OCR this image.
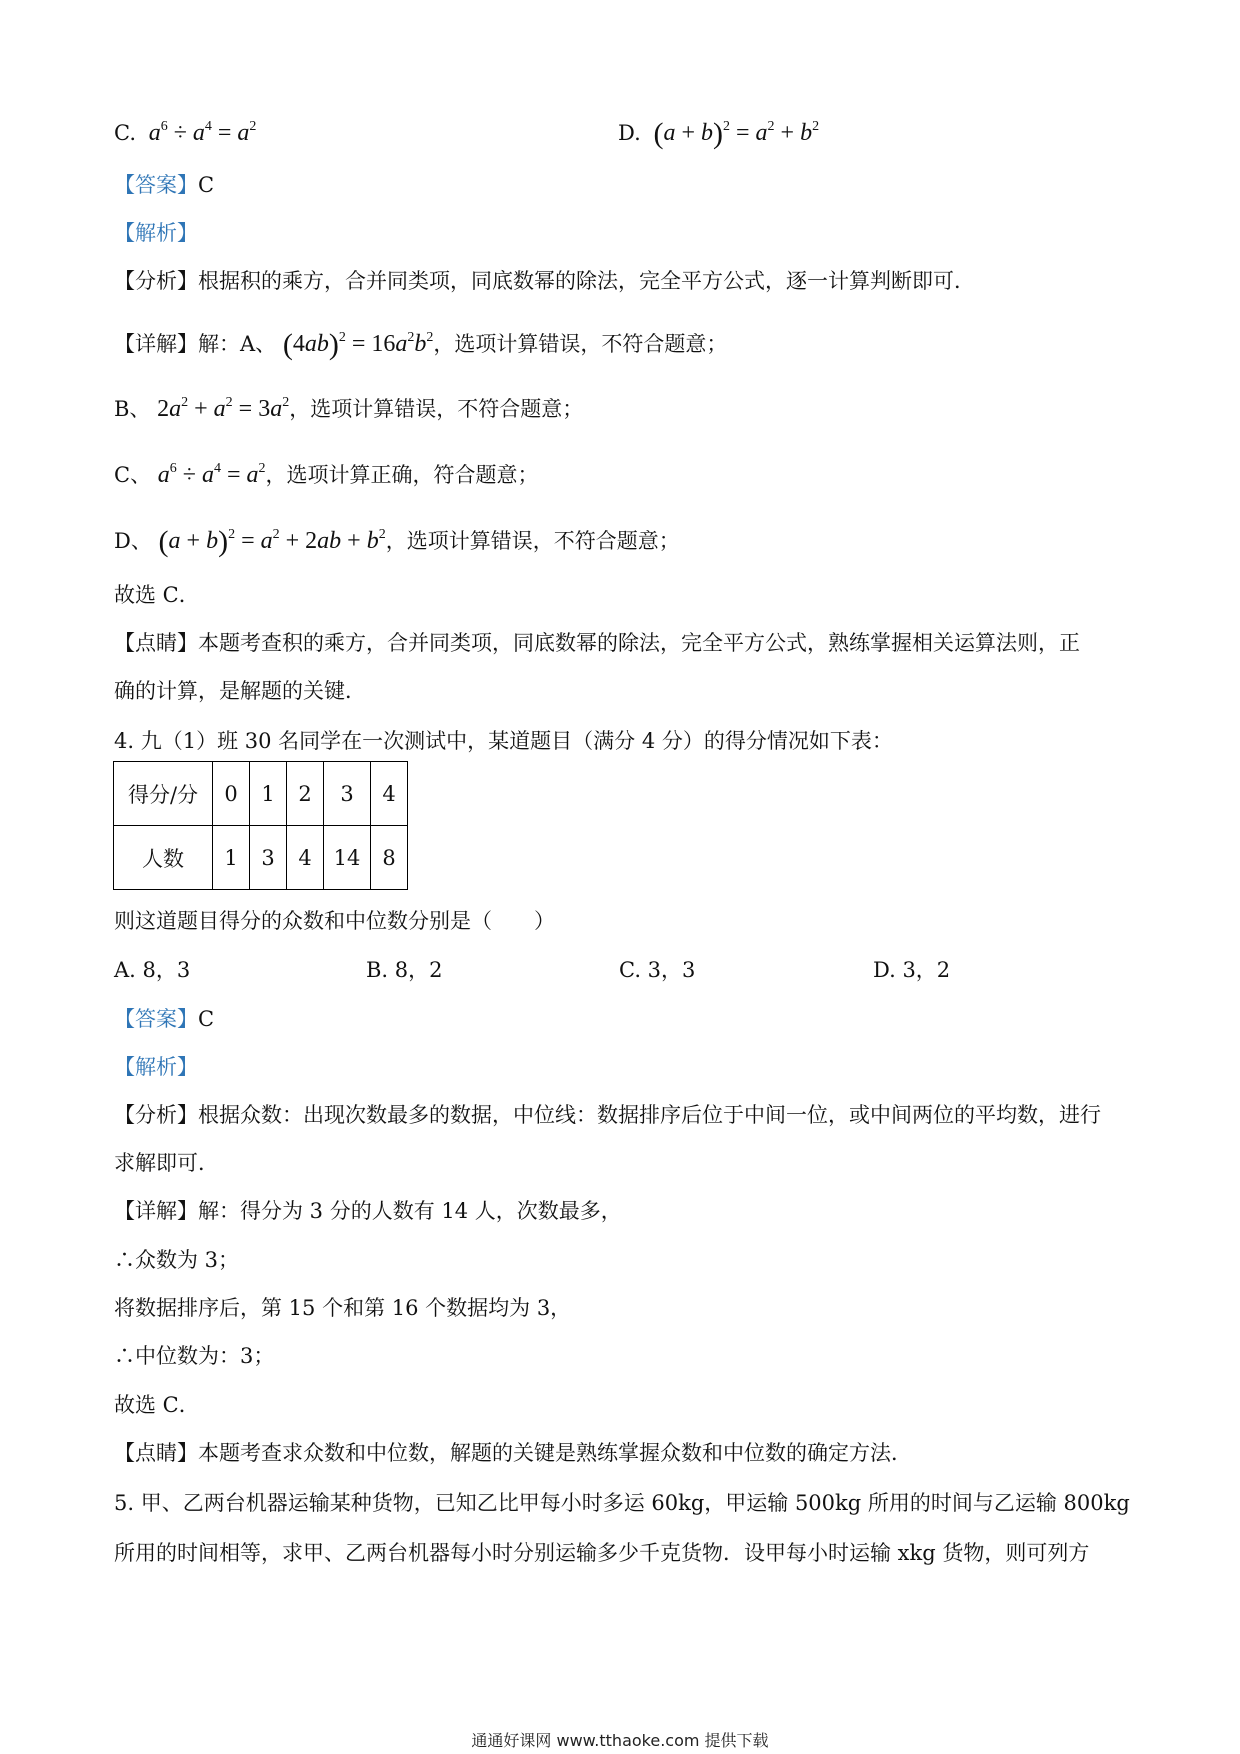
C. $a^6 \div a^4 = a^2$	D. $(a + b)^2 = a^2 + b^2$
【答案】C
【解析】
【分析】根据积的乘方，合并同类项，同底数幂的除法，完全平方公式，逐一计算判断即可．
【详解】解：A、 $(4ab)^2 = 16a^2b^2$，选项计算错误，不符合题意；
B、 $2a^2 + a^2 = 3a^2$，选项计算错误，不符合题意；
C、 $a^6 \div a^4 = a^2$，选项计算正确，符合题意；
D、 $(a + b)^2 = a^2 + 2ab + b^2$，选项计算错误，不符合题意；
故选 C．
【点睛】本题考查积的乘方，合并同类项，同底数幂的除法，完全平方公式，熟练掌握相关运算法则，正
确的计算，是解题的关键．
4. 九（1）班 30 名同学在一次测试中，某道题目（满分 4 分）的得分情况如下表：
得分/分	0	1	2	3	4
人数	1	3	4	14	8
则这道题目得分的众数和中位数分别是（　　）
A. 8，3	B. 8，2	C. 3，3	D. 3，2
【答案】C
【解析】
【分析】根据众数：出现次数最多的数据，中位线：数据排序后位于中间一位，或中间两位的平均数，进行
求解即可．
【详解】解：得分为 3 分的人数有 14 人，次数最多，
∴众数为 3；
将数据排序后，第 15 个和第 16 个数据均为 3，
∴中位数为：3；
故选 C．
【点睛】本题考查求众数和中位数，解题的关键是熟练掌握众数和中位数的确定方法．
5. 甲、乙两台机器运输某种货物，已知乙比甲每小时多运 60kg，甲运输 500kg 所用的时间与乙运输 800kg
所用的时间相等，求甲、乙两台机器每小时分别运输多少千克货物．设甲每小时运输 xkg 货物，则可列方
通通好课网 www.tthaoke.com 提供下载
